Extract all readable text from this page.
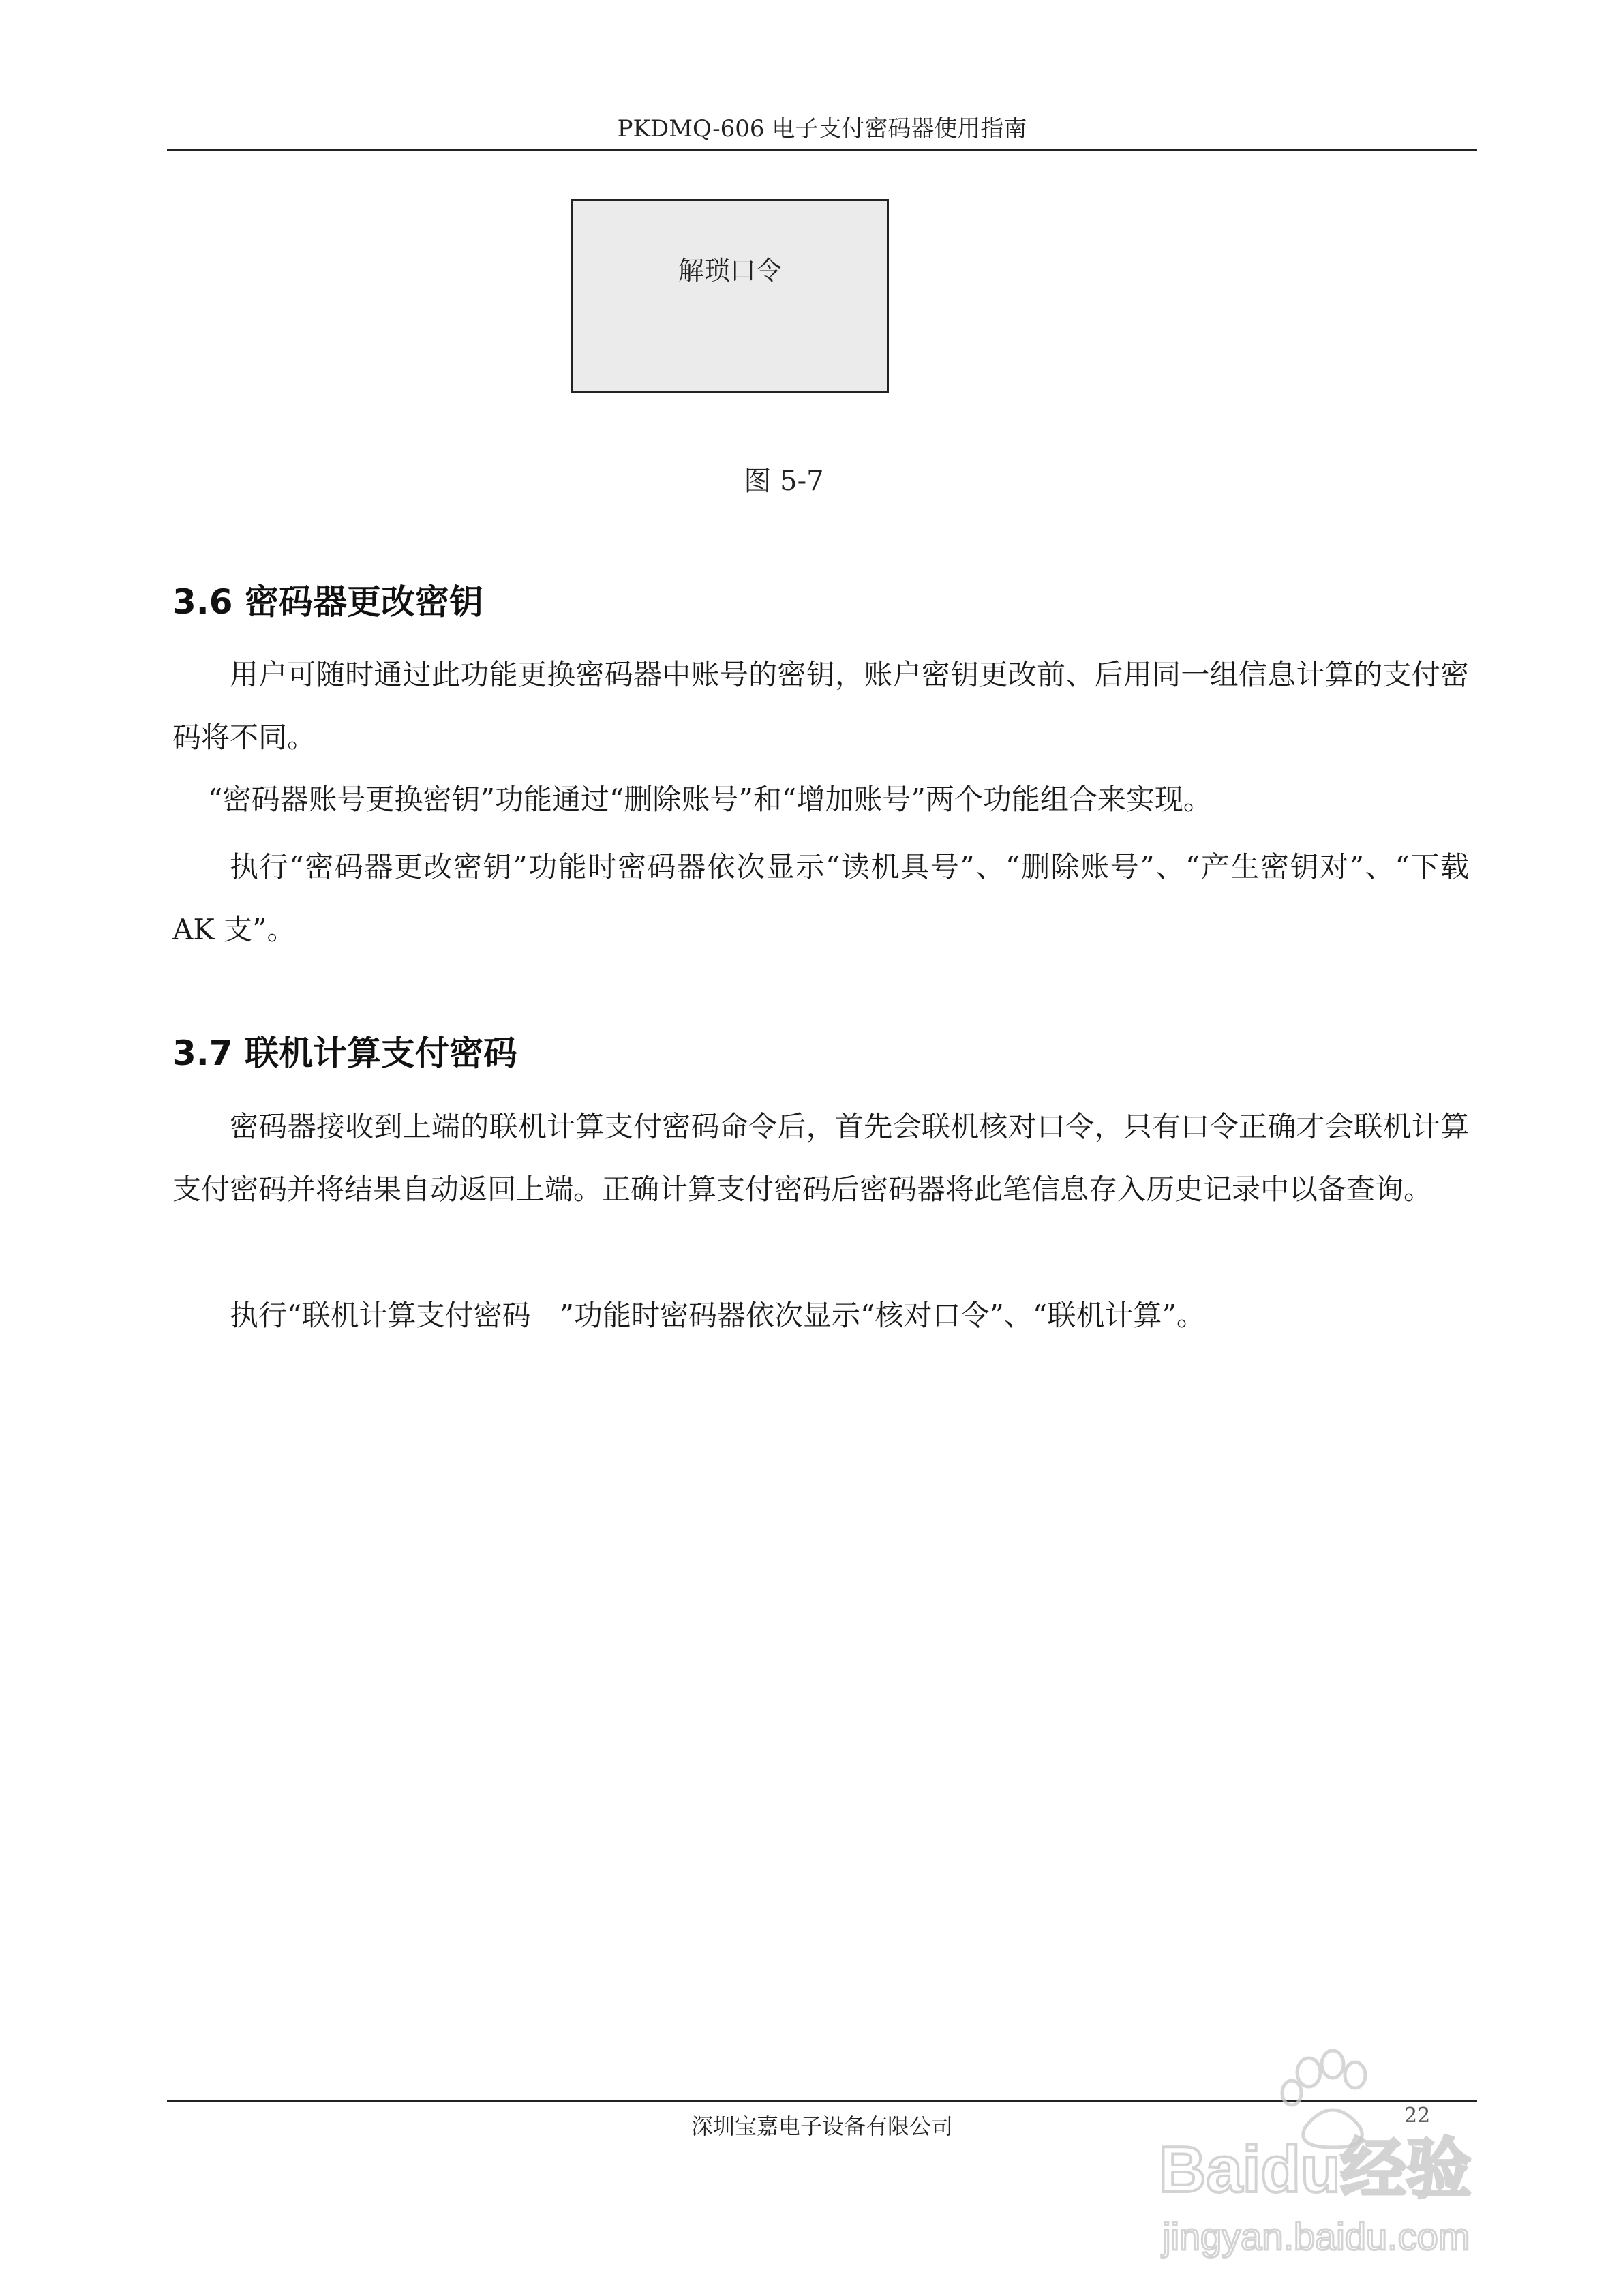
PKDMQ-606 电子支付密码器使用指南
解琐口令
图 5-7
3.6 密码器更改密钥
用户可随时通过此功能更换密码器中账号的密钥，账户密钥更改前、后用同一组信息计算的支付密码将不同。
“密码器账号更换密钥”功能通过“删除账号”和“增加账号”两个功能组合来实现。
执行“密码器更改密钥”功能时密码器依次显示“读机具号”、“删除账号”、“产生密钥对”、“下载 AK 支”。
3.7 联机计算支付密码
密码器接收到上端的联机计算支付密码命令后，首先会联机核对口令，只有口令正确才会联机计算支付密码并将结果自动返回上端。正确计算支付密码后密码器将此笔信息存入历史记录中以备查询。
执行“联机计算支付密码　”功能时密码器依次显示“核对口令”、“联机计算”。
深圳宝嘉电子设备有限公司	22
Baidu经验
jingyan.baidu.com
